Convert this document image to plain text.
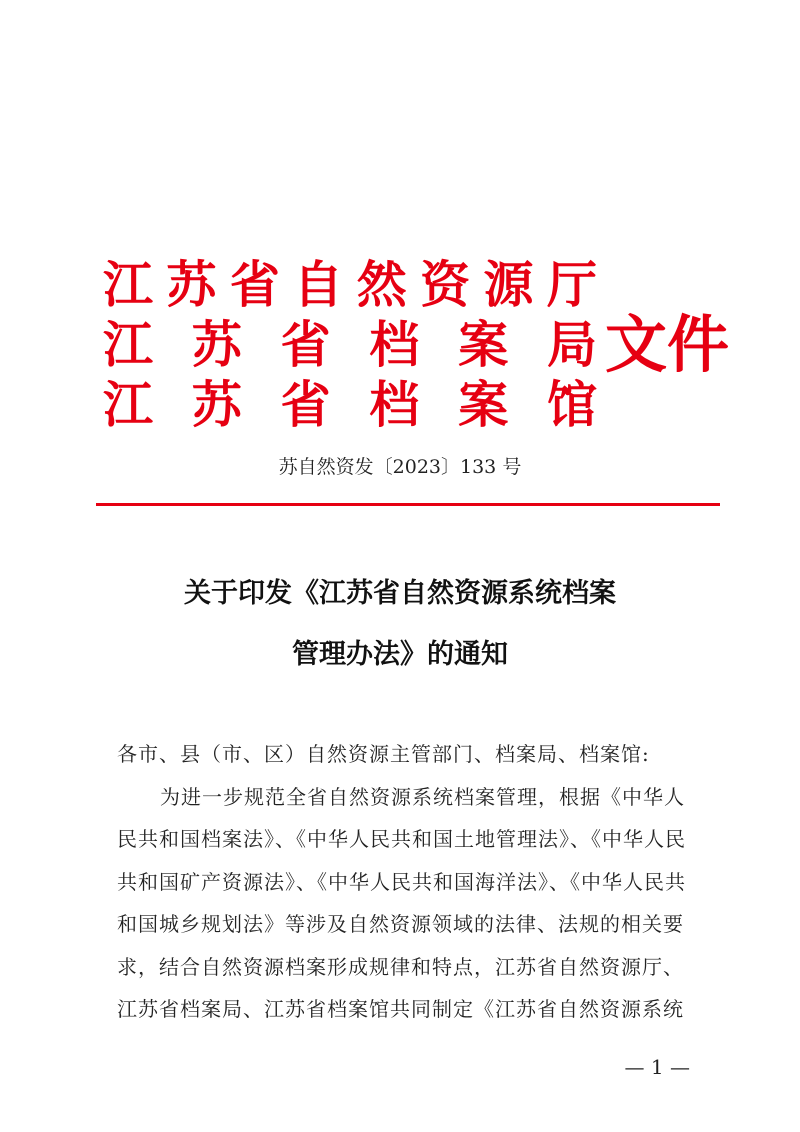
江 苏 省 自 然 资 源 厅
江 苏 省 档 案 局
江 苏 省 档 案 馆
文件
苏自然资发〔2023〕133 号
关于印发《江苏省自然资源系统档案
管理办法》的通知
各市、县（市、区）自然资源主管部门、档案局、档案馆:
为进一步规范全省自然资源系统档案管理，根据《中华人
民共和国档案法》、《中华人民共和国土地管理法》、《中华人民
共和国矿产资源法》、《中华人民共和国海洋法》、《中华人民共
和国城乡规划法》等涉及自然资源领域的法律、法规的相关要
求，结合自然资源档案形成规律和特点，江苏省自然资源厅、
江苏省档案局、江苏省档案馆共同制定《江苏省自然资源系统
— 1 —
